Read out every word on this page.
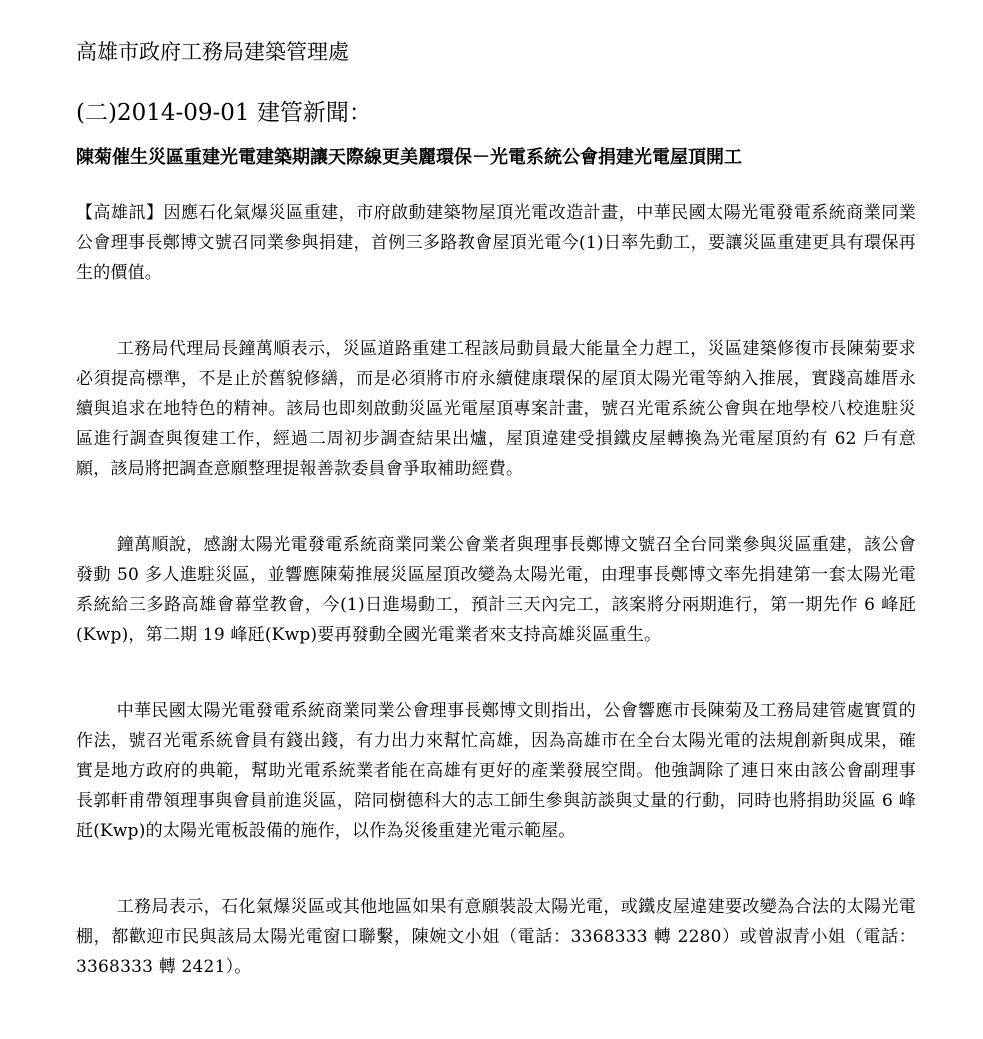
高雄市政府工務局建築管理處
(二)2014-09-01 建管新聞：
陳菊催生災區重建光電建築期讓天際線更美麗環保－光電系統公會捐建光電屋頂開工

【高雄訊】因應石化氣爆災區重建，市府啟動建築物屋頂光電改造計畫，中華民國太陽光電發電系統商業同業公會理事長鄭博文號召同業參與捐建，首例三多路教會屋頂光電今(1)日率先動工，要讓災區重建更具有環保再生的價值。

工務局代理局長鐘萬順表示，災區道路重建工程該局動員最大能量全力趕工，災區建築修復市長陳菊要求必須提高標準，不是止於舊貌修繕，而是必須將市府永續健康環保的屋頂太陽光電等納入推展，實踐高雄厝永續與追求在地特色的精神。該局也即刻啟動災區光電屋頂專案計畫，號召光電系統公會與在地學校八校進駐災區進行調查與復建工作，經過二周初步調查結果出爐，屋頂違建受損鐵皮屋轉換為光電屋頂約有 62 戶有意願，該局將把調查意願整理提報善款委員會爭取補助經費。

鐘萬順說，感謝太陽光電發電系統商業同業公會業者與理事長鄭博文號召全台同業參與災區重建，該公會發動 50 多人進駐災區，並響應陳菊推展災區屋頂改變為太陽光電，由理事長鄭博文率先捐建第一套太陽光電系統給三多路高雄會幕堂教會，今(1)日進場動工，預計三天內完工，該案將分兩期進行，第一期先作 6 峰瓩(Kwp)，第二期 19 峰瓩(Kwp)要再發動全國光電業者來支持高雄災區重生。

中華民國太陽光電發電系統商業同業公會理事長鄭博文則指出，公會響應市長陳菊及工務局建管處實質的作法，號召光電系統會員有錢出錢，有力出力來幫忙高雄，因為高雄市在全台太陽光電的法規創新與成果，確實是地方政府的典範，幫助光電系統業者能在高雄有更好的產業發展空間。他強調除了連日來由該公會副理事長郭軒甫帶領理事與會員前進災區，陪同樹德科大的志工師生參與訪談與丈量的行動，同時也將捐助災區 6 峰瓩(Kwp)的太陽光電板設備的施作，以作為災後重建光電示範屋。

工務局表示，石化氣爆災區或其他地區如果有意願裝設太陽光電，或鐵皮屋違建要改變為合法的太陽光電棚，都歡迎市民與該局太陽光電窗口聯繫，陳婉文小姐（電話：3368333 轉 2280）或曾淑青小姐（電話：3368333 轉 2421）。
